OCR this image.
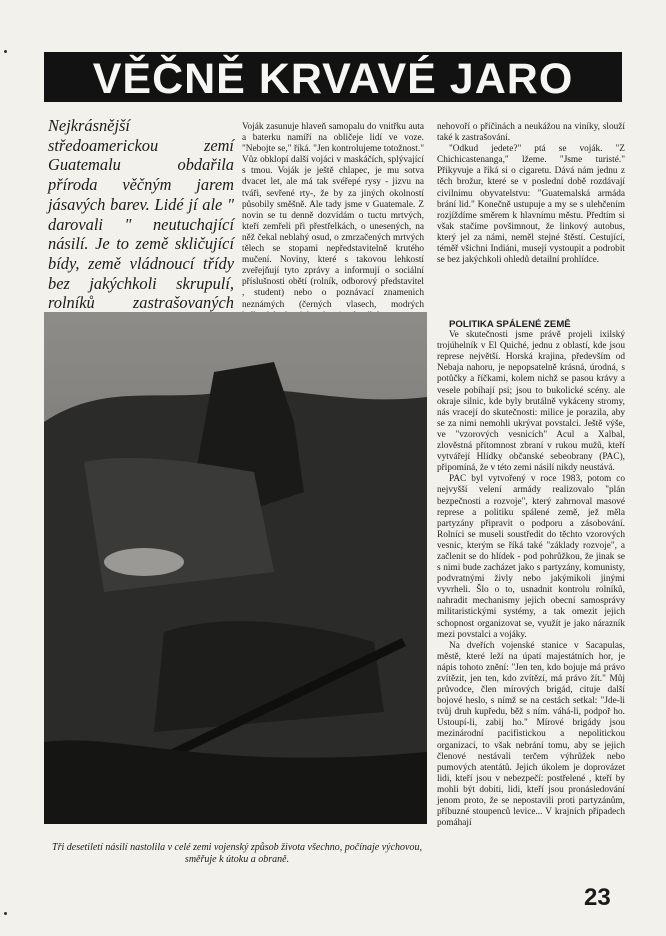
VĚČNĚ KRVAVÉ JARO
Nejkrásnější středoamerickou zemí Guatemalu obdařila příroda věčným jarem jásavých barev. Lidé jí ale " darovali " neutuchající násilí. Je to země skličující bídy, země vládnoucí třídy bez jakýchkoli skrupulí, rolníků zastrašovaných

Voják zasunuje hlaveň samopalu do vnitřku auta a baterku namíří na obličeje lidí ve voze. "Nebojte se," říká. "Jen kontrolujeme totožnost." Vůz obklopí další vojáci v maskáčích, splývající s tmou. Voják je ještě chlapec, je mu sotva dvacet let, ale má tak svéřepé rysy - jizvu na tváři, sevřené rty-, že by za jiných okolností působily směšně. Ale tady jsme v Guatemale. Z novin se tu denně dozvídám o tuctu mrtvých, kteří zemřeli při přestřelkách, o unesených, na něž čekal neblahý osud, o zmrzačených mrtvých tělech se stopami nepředstavitelně krutého mučení. Noviny, které s takovou lehkostí zveřejňují tyto zprávy a informují o sociální příslušnosti obětí (rolník, odborový představitel , student) nebo o poznávací znamenich neznámých (černých vlasech, modrých

nehovoří o příčinách a neukážou na viníky, slouží také k zastrašování.

"Odkud jedete?" ptá se voják. "Z Chichicastenanga," lžeme. "Jsme turisté." Přikyvuje a říká si o cigaretu. Dává nám jednu z těch brožur, které se v poslední době rozdávají civilnímu obyvatelstvu: "Guatemalská armáda brání lid." Konečně ustupuje a my se s ulehčením rozjíždíme směrem k hlavnímu městu. Předtím si však stačíme povšimnout, že linkový autobus, který jel za námi, neměl stejné štěstí. Cestující, téměř všichni Indiáni, musejí vystoupit a podrobit se bez jakýchkoli ohledů detailní prohlídce.

POLITIKA SPÁLENÉ ZEMĚ

Ve skutečnosti jsme právě projeli ixilský trojúhelník v El Quiché, jednu z oblastí, kde jsou represe největší. Horská krajina, především od Nebaja nahoru, je nepopsatelně krásná, úrodná, s potůčky a říčkami, kolem nichž se pasou krávy a vesele pobíhají psi; jsou to bukolické scény. ale okraje silnic, kde byly brutálně vykáceny stromy, nás vracejí do skutečnosti: milice je porazila, aby se za nimi nemohli ukrývat povstalci. Ještě výše, ve "vzorových vesnicích" Acul a Xalbal, zlověstná přítomnost zbraní v rukou mužů, kteří vytvářejí Hlídky občanské sebeobrany (PAC), připomíná, že v této zemi násilí nikdy neustává.

PAC byl vytvořený v roce 1983, potom co nejvyšší velení armády realizovalo "plán bezpečnosti a rozvoje", který zahrnoval masové represe a politiku spálené země, jež měla partyzány připravit o podporu a zásobování. Rolníci se museli soustředit do těchto vzorových vesnic, kterým se říká také "základy rozvoje", a začlenit se do hlídek - pod pohrůžkou, že jinak se s nimi bude zacházet jako s partyzány, komunisty, podvratnými živly nebo jakýmikoli jinými vyvrheli. Šlo o to, usnadnit kontrolu rolníků, nahradit mechanismy jejich obecní samosprávy militaristickými systémy, a tak omezit jejich schopnost organizovat se, využít je jako nárazník mezi povstalci a vojáky.

Na dveřích vojenské stanice v Sacapulas, městě, které leží na úpatí majestátních hor, je nápis tohoto znění: "Jen ten, kdo bojuje má právo zvítězit, jen ten, kdo zvítězí, má právo žít." Můj průvodce, člen mírových brigád, cituje další bojové heslo, s nímž se na cestách setkal: "Jde-li tvůj druh kupředu, běž s ním. váhá-li, podpoř ho. Ustoupí-li, zabij ho." Mírové brigády jsou mezinárodní pacifistickou a nepolitickou organizací, to však nebrání tomu, aby se jejich členové nestávali terčem výhrůžek nebo pumových atentátů. Jejich úkolem je doprovázet lidi, kteří jsou v nebezpečí: postřelené , kteří by mohli být dobiti, lidi, kteří jsou pronásledování jenom proto, že se nepostavili proti partyzánům, příbuzné stoupenců levice... V krajních případech pomáhají

Tři desetiletí násilí nastolila v celé zemi vojenský způsob života všechno, počínaje výchovou, směřuje k útoku a obraně.
23
